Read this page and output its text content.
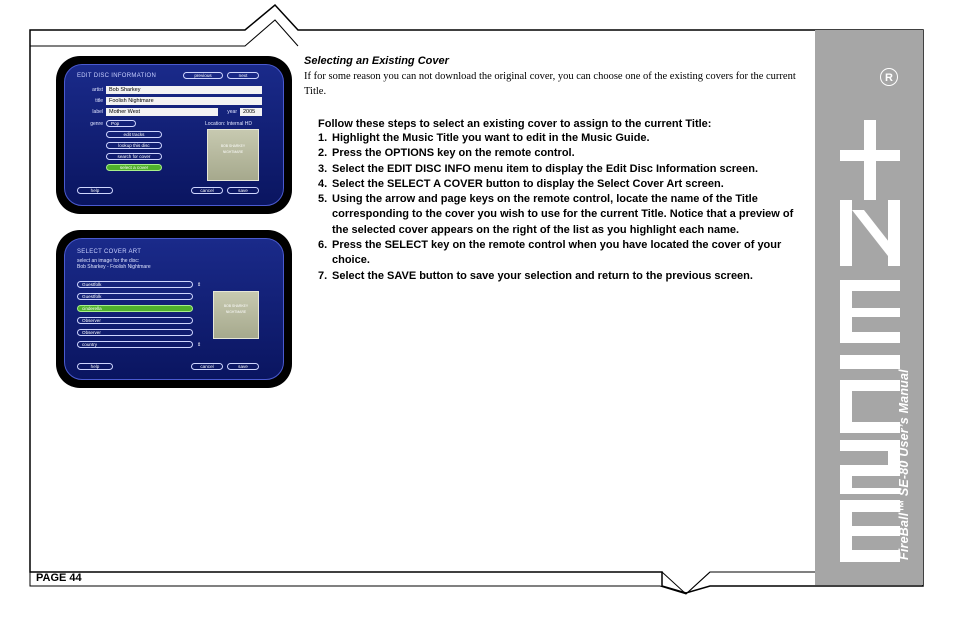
R
FireBall™ SE-80 User’s Manual
EDIT DISC INFORMATION	previous	next
artist	Bob Sharkey
title	Foolish Nightmare
label	Mother West	year	2005
genre	Pop	Location: Internal HD
edit tracks
lookup this disc
search for cover
select a cover
BOB SHARKEY
NIGHTMARE
help	cancel	save
SELECT COVER ART
select an image for the disc:
Bob Sharkey - Foolish Nightmare
Guestfolk
Guestfolk
cinderella
Observer
Observer
country
⇕
⇕
BOB SHARKEY
NIGHTMARE
help	cancel	save
Selecting an Existing Cover
If for some reason you can not download the original cover, you can choose one of the existing covers for the current Title.
Follow these steps to select an existing cover to assign to the current Title:
1. Highlight the Music Title you want to edit in the Music Guide.
2. Press the OPTIONS key on the remote control.
3. Select the EDIT DISC INFO menu item to display the Edit Disc Information screen.
4. Select the SELECT A COVER button to display the Select Cover Art screen.
5. Using the arrow and page keys on the remote control, locate the name of the Title corresponding to the cover you wish to use for the current Title. Notice that a preview of the selected cover appears on the right of the list as you highlight each name.
6. Press the SELECT key on the remote control when you have located the cover of your choice.
7. Select the SAVE button to save your selection and return to the previous screen.
PAGE 44
